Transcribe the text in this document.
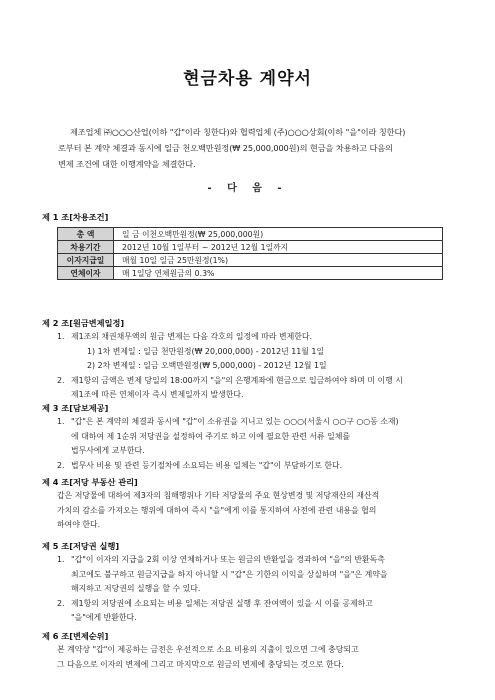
현금차용 계약서

제조업체 ㈜○○○산업(이하 "갑"이라 칭한다)와 협력업체 (주)○○○상회(이하 "을"이라 칭한다)

로부터 본 계약 체결과 동시에 일금 천오백만원정(₩ 25,000,000원)의 현금을 차용하고 다음의

변제 조건에 대한 이행계약을 체결한다.

- 다 음 -
제 1 조[차용조건]
총 액	일 금 이천오백만원정(₩ 25,000,000원)
차용기간	2012년 10월 1일부터 ~ 2012년 12월 1일까지
이자지급일	매월 10일 일금 25만원정(1%)
연체이자	매 1일당 연체원금의 0.3%
제 2 조[원금변제일정]
1. 제1조의 채권채무액의 원금 변제는 다음 각호의 일정에 따라 변제한다.
1) 1차 변제일 : 일금 천만원정(₩ 20,000,000) - 2012년 11월 1일
2) 2차 변제일 : 일금 오백만원정(₩ 5,000,000) - 2012년 12월 1일
2. 제1항의 금액은 변제 당일의 18:00까지 "을"의 은행계좌에 현금으로 입금하여야 하며 미 이행 시
제1조에 따른 연체이자 즉시 변제일까지 발생한다.
제 3 조[담보제공]
1. "갑"은 본 계약의 체결과 동시에 "갑"이 소유권을 지니고 있는 ○○○(서울시 ○○구 ○○동 소재)
에 대하여 제 1순위 저당권을 설정하여 주기로 하고 이에 필요한 관련 서류 일체를
법무사에게 교부한다.
2. 법무사 비용 및 관련 등기절차에 소요되는 비용 일체는 "갑"이 부담하기로 한다.
제 4 조[저당 부동산 관리]
갑은 저당물에 대하여 제3자의 침해행위나 기타 저당물의 주요 현상변경 및 저당재산의 재산적
가치의 감소를 가져오는 행위에 대하여 즉시 "을"에게 이를 통지하여 사전에 관련 내용을 협의
하여야 한다.
제 5 조[저당권 실행]
1. "갑"이 이자의 지급을 2회 이상 연체하거나 또는 원금의 반환일을 경과하여 "을"의 반환독촉
최고에도 불구하고 원금지급을 하지 아니할 시 "갑"은 기한의 이익을 상실하며 "을"은 계약을
해지하고 저당권의 실행을 할 수 있다.
2. 제1항의 저당권에 소요되는 비용 일체는 저당권 실행 후 잔여액이 있을 시 이를 공제하고
"을"에게 반환한다.
제 6 조[변제순위]
본 계약상 "갑"이 제공하는 금전은 우선적으로 소요 비용의 지출이 있으면 그에 충당되고
그 다음으로 이자의 변제에 그리고 마지막으로 원금의 변제에 충당되는 것으로 한다.
